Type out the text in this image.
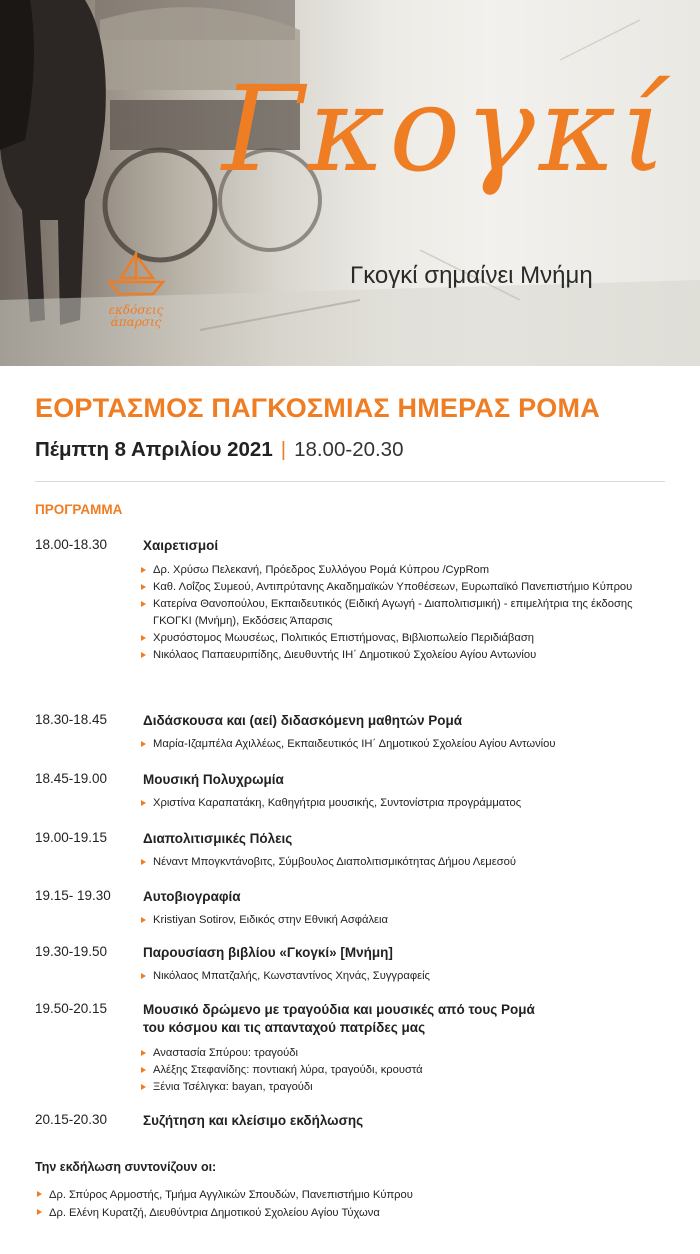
Γκογκί
Γκογκί σημαίνει Μνήμη
εκδόσεις
άπαρσις
ΕΟΡΤΑΣΜΟΣ ΠΑΓΚΟΣΜΙΑΣ ΗΜΕΡΑΣ ΡΟΜΑ
Πέμπτη 8 Απριλίου 2021 | 18.00-20.30
ΠΡΟΓΡΑΜΜΑ
18.00-18.30	Χαιρετισμοί
Δρ. Χρύσω Πελεκανή, Πρόεδρος Συλλόγου Ρομά Κύπρου /CypRom
Καθ. Λοΐζος Συμεού, Αντιπρύτανης Ακαδημαϊκών Υποθέσεων, Ευρωπαϊκό Πανεπιστήμιο Κύπρου
Κατερίνα Θανοπούλου, Εκπαιδευτικός (Ειδική Αγωγή - Διαπολιτισμική) - επιμελήτρια της έκδοσης ΓΚΟΓΚΙ (Μνήμη), Εκδόσεις Άπαρσις
Χρυσόστομος Μωυσέως, Πολιτικός Επιστήμονας, Βιβλιοπωλείο Περιδιάβαση
Νικόλαος Παπαευριπίδης, Διευθυντής ΙΗ΄ Δημοτικού Σχολείου Αγίου Αντωνίου
18.30-18.45	Διδάσκουσα και (αεί) διδασκόμενη μαθητών Ρομά
Μαρία-Ιζαμπέλα Αχιλλέως, Εκπαιδευτικός ΙΗ΄ Δημοτικού Σχολείου Αγίου Αντωνίου
18.45-19.00	Μουσική Πολυχρωμία
Χριστίνα Καραπατάκη, Καθηγήτρια μουσικής, Συντονίστρια προγράμματος
19.00-19.15	Διαπολιτισμικές Πόλεις
Νέναντ Μπογκντάνοβιτς, Σύμβουλος Διαπολιτισμικότητας Δήμου Λεμεσού
19.15- 19.30 Αυτοβιογραφία
Kristiyan Sotirov, Ειδικός στην Εθνική Ασφάλεια
19.30-19.50	Παρουσίαση βιβλίου «Γκογκί» [Μνήμη]
Νικόλαος Μπατζαλής, Κωνσταντίνος Χηνάς, Συγγραφείς
19.50-20.15	Μουσικό δρώμενο με τραγούδια και μουσικές από τους Ρομά του κόσμου και τις απανταχού πατρίδες μας
Αναστασία Σπύρου: τραγούδι
Αλέξης Στεφανίδης: ποντιακή λύρα, τραγούδι, κρουστά
Ξένια Τσέλιγκα: bayan, τραγούδι
20.15-20.30	Συζήτηση και κλείσιμο εκδήλωσης
Την εκδήλωση συντονίζουν οι:
Δρ. Σπύρος Αρμοστής, Τμήμα Αγγλικών Σπουδών, Πανεπιστήμιο Κύπρου
Δρ. Ελένη Κυρατζή, Διευθύντρια Δημοτικού Σχολείου Αγίου Τύχωνα
